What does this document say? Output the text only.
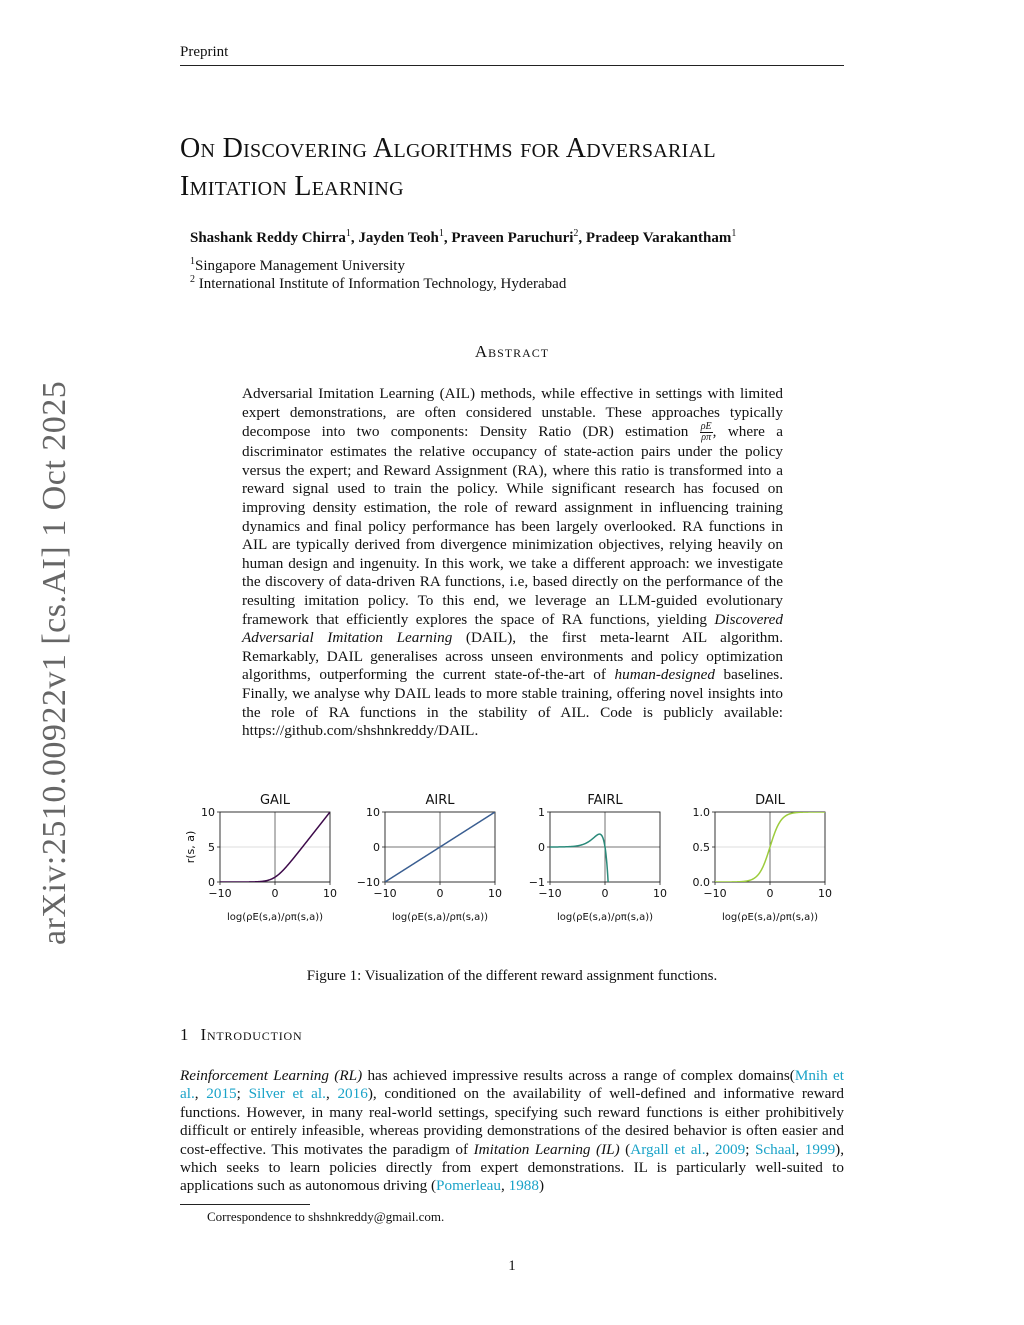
Preprint
On Discovering Algorithms for Adversarial
Imitation Learning
Shashank Reddy Chirra$^1$, Jayden Teoh$^1$, Praveen Paruchuri$^2$, Pradeep Varakantham$^1$
$^1$Singapore Management University
$^2$ International Institute of Information Technology, Hyderabad
Abstract
Adversarial Imitation Learning (AIL) methods, while effective in settings with limited expert demonstrations, are often considered unstable. These approaches typically decompose into two components: Density Ratio (DR) estimation $\frac{\rho E}{\rho\pi}$ , where a discriminator estimates the relative occupancy of state-action pairs under the policy versus the expert; and Reward Assignment (RA), where this ratio is transformed into a reward signal used to train the policy. While significant research has focused on improving density estimation, the role of reward assignment in influencing training dynamics and final policy performance has been largely overlooked. RA functions in AIL are typically derived from divergence minimization objectives, relying heavily on human design and ingenuity. In this work, we take a different approach: we investigate the discovery of data-driven RA functions, i.e, based directly on the performance of the resulting imitation policy. To this end, we leverage an LLM-guided evolutionary framework that efficiently explores the space of RA functions, yielding Discovered Adversarial Imitation Learning (DAIL), the first meta-learnt AIL algorithm. Remarkably, DAIL generalises across unseen environments and policy optimization algorithms, outperforming the current state-of-the-art of human-designed baselines. Finally, we analyse why DAIL leads to more stable training, offering novel insights into the role of RA functions in the stability of AIL. Code is publicly available: https://github.com/shshnkreddy/DAIL.
arXiv:2510.00922v1 [cs.AI] 1 Oct 2025	GAIL
10
5
0
−10	0	10
log(ρE(s,a)/ρπ(s,a))
r(s, a)
AIRL
10
0
−10
−10	0	10
log(ρE(s,a)/ρπ(s,a))
FAIRL
1
0
−1
−10	0	10
log(ρE(s,a)/ρπ(s,a))
DAIL
1.0
0.5
0.0
−10	0	10
log(ρE(s,a)/ρπ(s,a))
Figure 1: Visualization of the different reward assignment functions.
1 Introduction
Reinforcement Learning (RL) has achieved impressive results across a range of complex domains(Mnih et al., 2015; Silver et al., 2016), conditioned on the availability of well-defined and informative reward functions. However, in many real-world settings, specifying such reward functions is either prohibitively difficult or entirely infeasible, whereas providing demonstrations of the desired behavior is often easier and cost-effective. This motivates the paradigm of Imitation Learning (IL) (Argall et al., 2009; Schaal, 1999), which seeks to learn policies directly from expert demonstrations. IL is particularly well-suited to applications such as autonomous driving (Pomerleau, 1988)
Correspondence to shshnkreddy@gmail.com.
1
